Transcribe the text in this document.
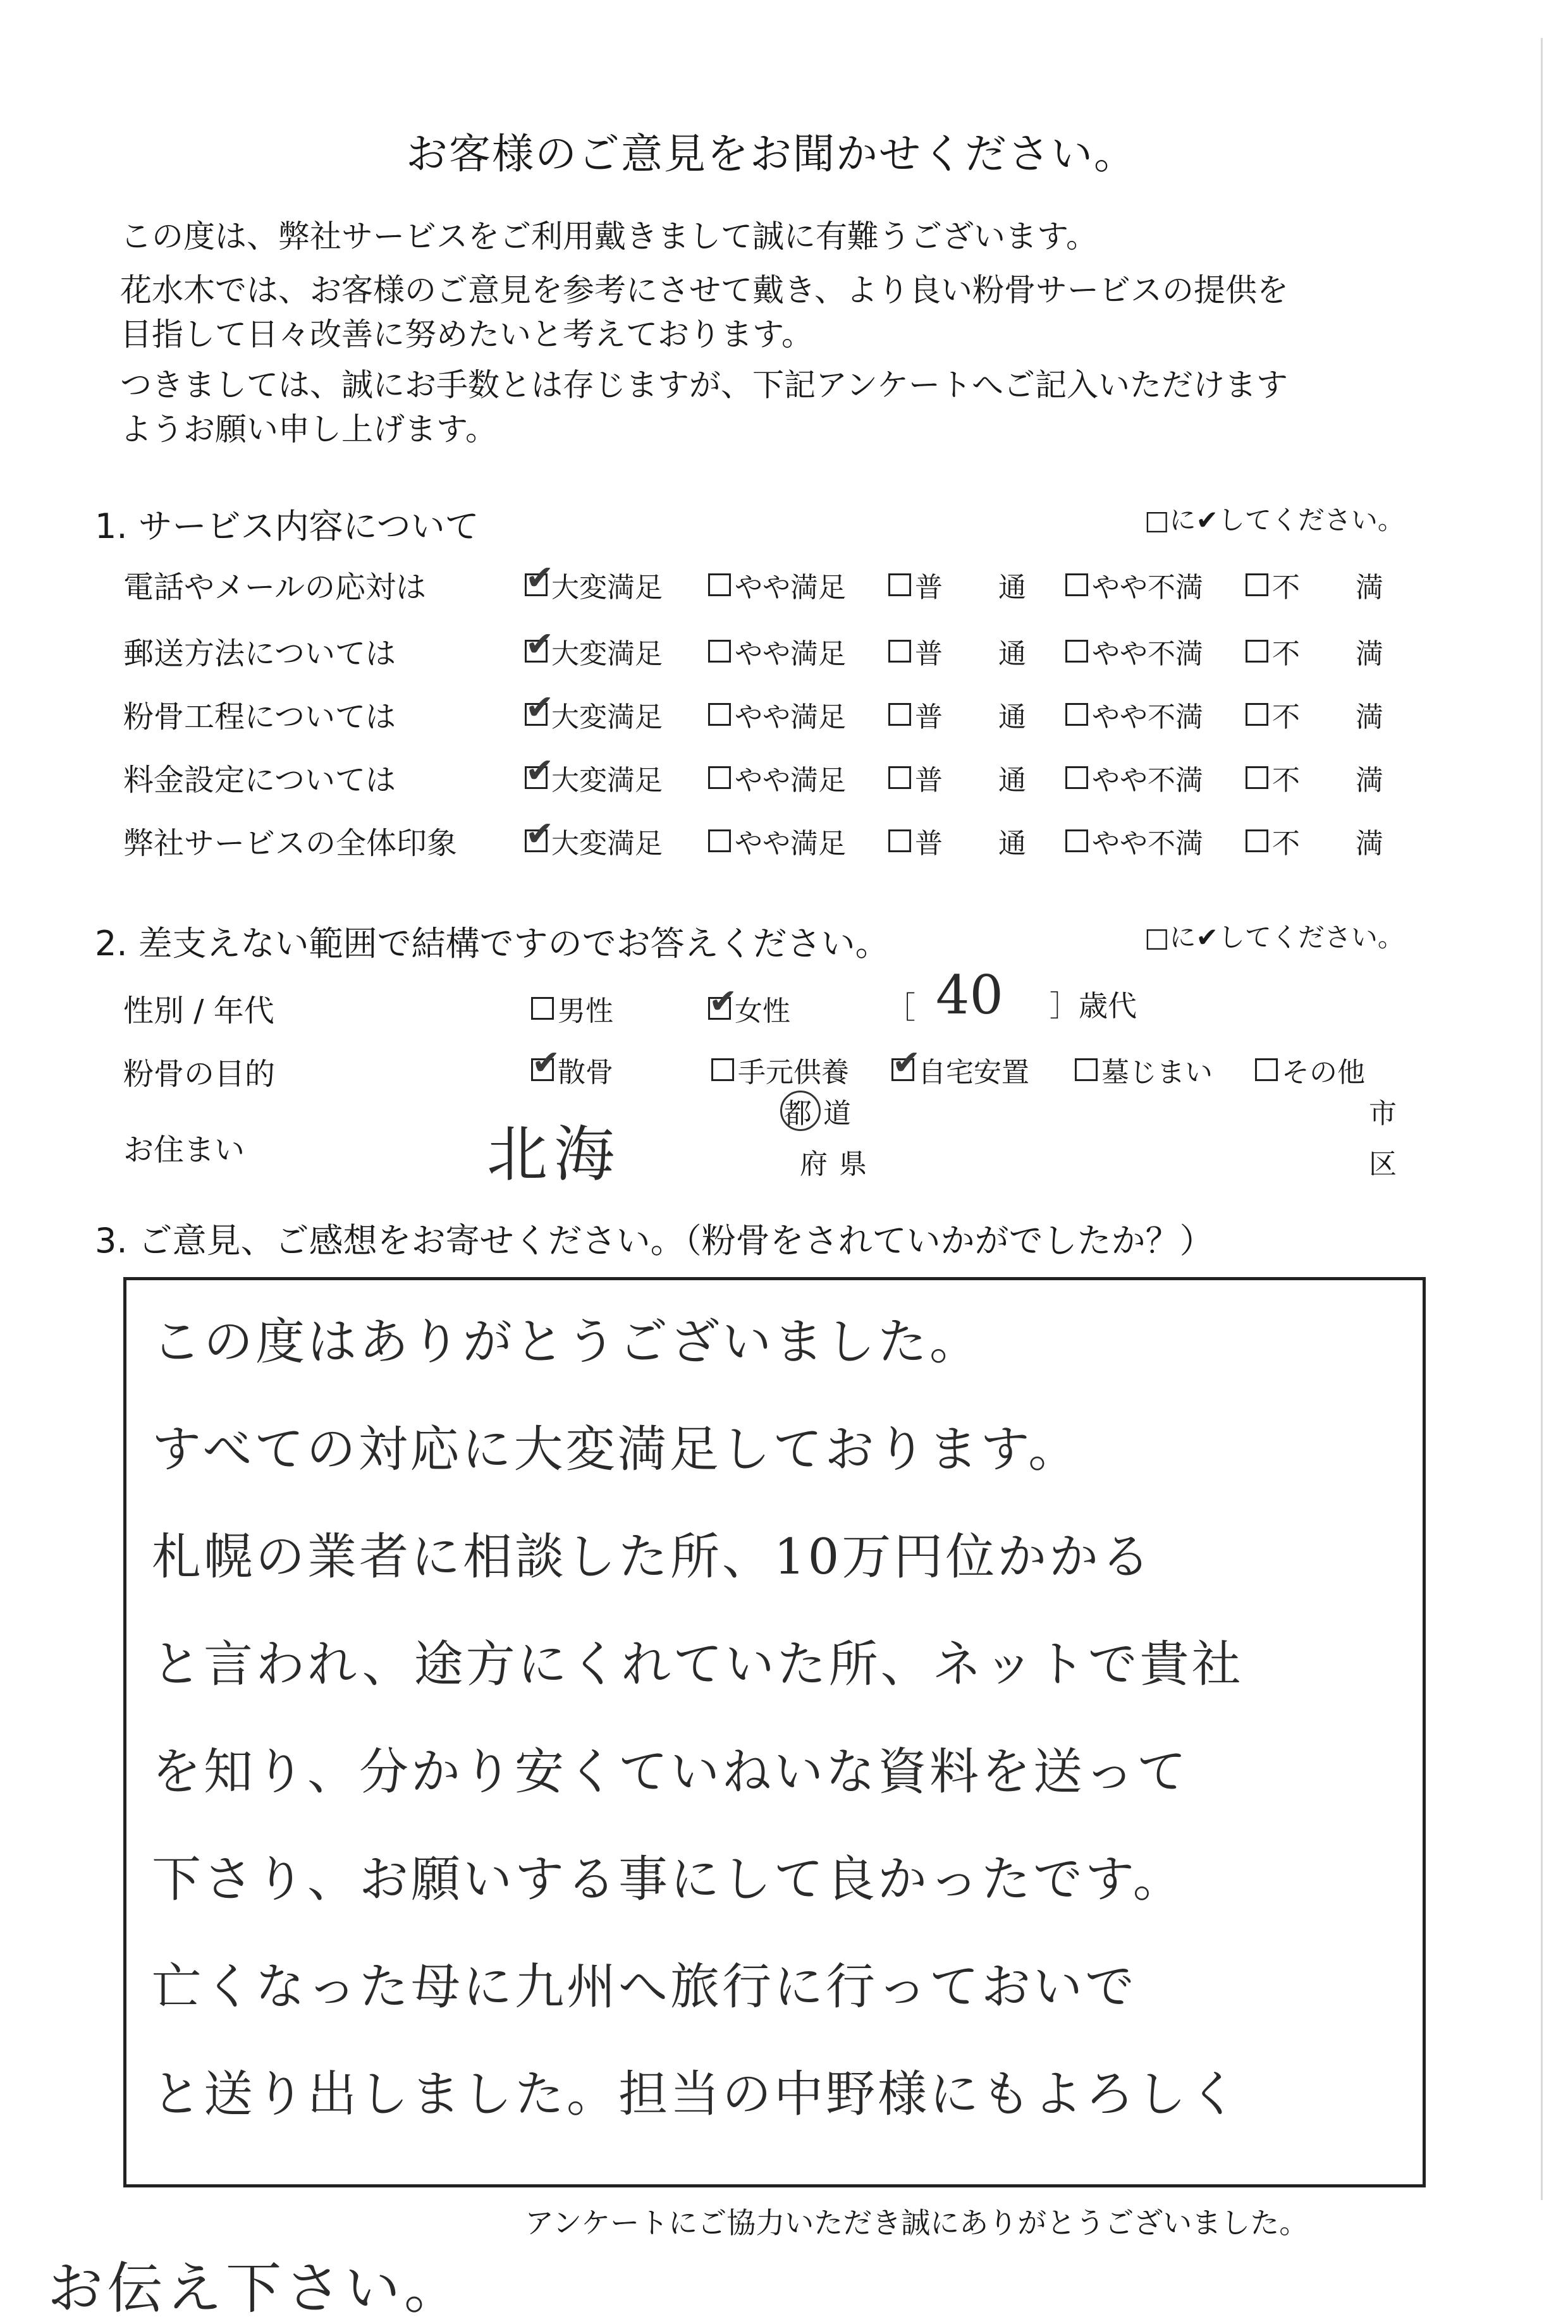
お客様のご意見をお聞かせください。
この度は、弊社サービスをご利用戴きまして誠に有難うございます。
花水木では、お客様のご意見を参考にさせて戴き、より良い粉骨サービスの提供を
目指して日々改善に努めたいと考えております。
つきましては、誠にお手数とは存じますが、下記アンケートへご記入いただけます
ようお願い申し上げます。
1. サービス内容について	□に✔してください。
電話やメールの応対は ✔	大変満足	やや満足 普　　通 やや不満 不　　満
郵送方法については ✔	大変満足	やや満足 普　　通 やや不満 不　　満
粉骨工程については ✔	大変満足	やや満足 普　　通 やや不満 不　　満
料金設定については ✔	大変満足	やや満足 普　　通 やや不満 不　　満
弊社サービスの全体印象 ✔	大変満足	やや満足 普　　通 やや不満 不　　満
2. 差支えない範囲で結構ですのでお答えください。	□に✔してください。
性別 / 年代	男性 ✔	女性	［ 40 ］歳代
粉骨の目的 ✔	散骨	手元供養 ✔ 自宅安置	墓じまい その他
お住まい	北海
都道
府県
市
区
3. ご意見、ご感想をお寄せください。（粉骨をされていかがでしたか？）
この度はありがとうございました。
すべての対応に大変満足しております。
札幌の業者に相談した所、10万円位かかる
と言われ、途方にくれていた所、ネットで貴社
を知り、分かり安くていねいな資料を送って
下さり、お願いする事にして良かったです。
亡くなった母に九州へ旅行に行っておいで
と送り出しました。担当の中野様にもよろしく
アンケートにご協力いただき誠にありがとうございました。
お伝え下さい。
